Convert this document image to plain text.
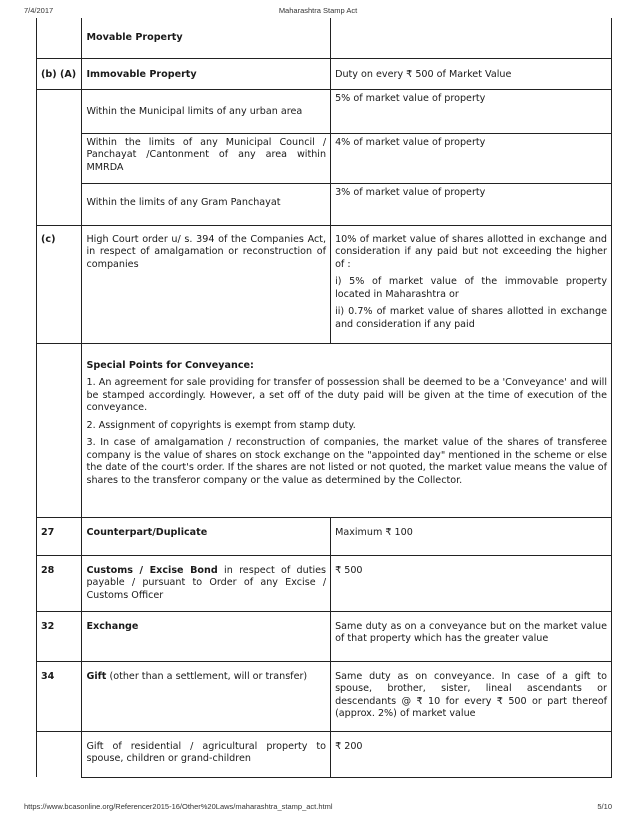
7/4/2017	Maharashtra Stamp Act
	Movable Property	
(b) (A)	Immovable Property	Duty on every ₹ 500 of Market Value
	Within the Municipal limits of any urban area	5% of market value of property
	Within the limits of any Municipal Council / Panchayat /Cantonment of any area within MMRDA	4% of market value of property
	Within the limits of any Gram Panchayat	3% of market value of property
(c)	High Court order u/ s. 394 of the Companies Act, in respect of amalgamation or reconstruction of companies	10% of market value of shares allotted in exchange and consideration if any paid but not exceeding the higher of :

i) 5% of market value of the immovable property located in Maharashtra or

ii) 0.7% of market value of shares allotted in exchange and consideration if any paid

	Special Points for Conveyance:

1. An agreement for sale providing for transfer of possession shall be deemed to be a 'Conveyance' and will be stamped accordingly. However, a set off of the duty paid will be given at the time of execution of the conveyance.

2. Assignment of copyrights is exempt from stamp duty.

3. In case of amalgamation / reconstruction of companies, the market value of the shares of transferee company is the value of shares on stock exchange on the "appointed day" mentioned in the scheme or else the date of the court's order. If the shares are not listed or not quoted, the market value means the value of shares to the transferor company or the value as determined by the Collector.	

27	Counterpart/Duplicate	Maximum ₹ 100
28	Customs / Excise Bond in respect of duties payable / pursuant to Order of any Excise / Customs Officer	₹ 500
32	Exchange	Same duty as on a conveyance but on the market value of that property which has the greater value
34	Gift (other than a settlement, will or transfer)	Same duty as on conveyance. In case of a gift to spouse, brother, sister, lineal ascendants or descendants @ ₹ 10 for every ₹ 500 or part thereof (approx. 2%) of market value
	Gift of residential / agricultural property to spouse, children or grand-children	₹ 200
https://www.bcasonline.org/Referencer2015-16/Other%20Laws/maharashtra_stamp_act.html	5/10
